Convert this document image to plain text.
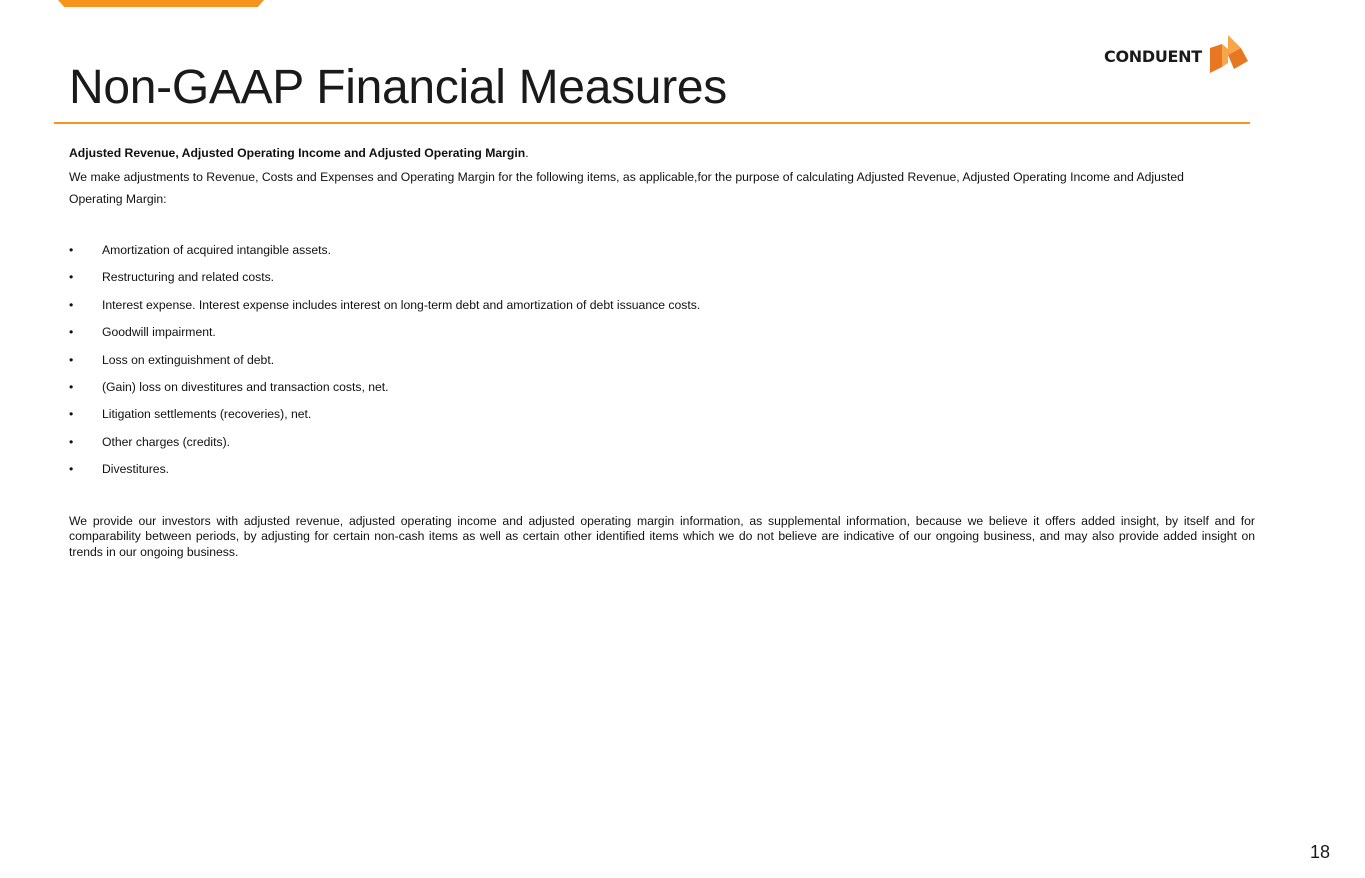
CONDUENT
Non-GAAP Financial Measures

Adjusted Revenue, Adjusted Operating Income and Adjusted Operating Margin.

We make adjustments to Revenue, Costs and Expenses and Operating Margin for the following items, as applicable,for the purpose of calculating Adjusted Revenue, Adjusted Operating Income and Adjusted Operating Margin:

• Amortization of acquired intangible assets.
• Restructuring and related costs.
• Interest expense. Interest expense includes interest on long-term debt and amortization of debt issuance costs.
• Goodwill impairment.
• Loss on extinguishment of debt.
• (Gain) loss on divestitures and transaction costs, net.
• Litigation settlements (recoveries), net.
• Other charges (credits).
• Divestitures.

We provide our investors with adjusted revenue, adjusted operating income and adjusted operating margin information, as supplemental information, because we believe it offers added insight, by itself and for comparability between periods, by adjusting for certain non-cash items as well as certain other identified items which we do not believe are indicative of our ongoing business, and may also provide added insight on trends in our ongoing business.

18
